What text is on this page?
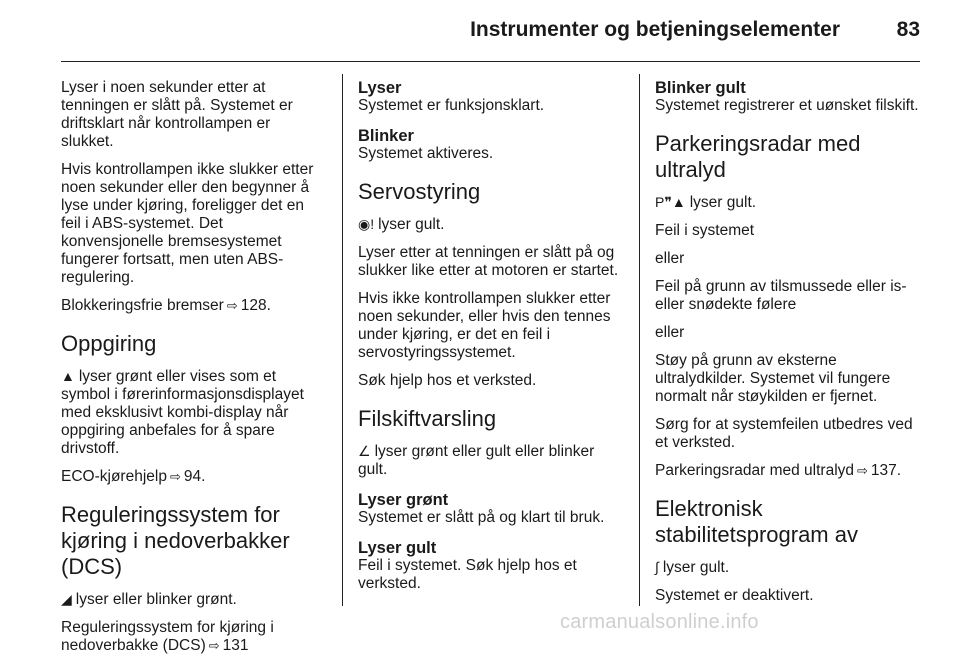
Instrumenter og betjeningselementer	83

Lyser i noen sekunder etter at tenningen er slått på. Systemet er driftsklart når kontrollampen er slukket.

Hvis kontrollampen ikke slukker etter noen sekunder eller den begynner å lyse under kjøring, foreligger det en feil i ABS-systemet. Det konvensjonelle bremsesystemet fungerer fortsatt, men uten ABS-regulering.

Blokkeringsfrie bremser ⇨ 128.

Oppgiring

▲ lyser grønt eller vises som et symbol i førerinformasjonsdisplayet med eksklusivt kombi-display når oppgiring anbefales for å spare drivstoff.

ECO-kjørehjelp ⇨ 94.

Reguleringssystem for kjøring i nedoverbakker (DCS)

◢ lyser eller blinker grønt.

Reguleringssystem for kjøring i nedoverbakke (DCS) ⇨ 131

Lyser

Systemet er funksjonsklart.

Blinker

Systemet aktiveres.

Servostyring

◉! lyser gult.

Lyser etter at tenningen er slått på og slukker like etter at motoren er startet.

Hvis ikke kontrollampen slukker etter noen sekunder, eller hvis den tennes under kjøring, er det en feil i servostyringssystemet.

Søk hjelp hos et verksted.

Filskiftvarsling

∠ lyser grønt eller gult eller blinker gult.

Lyser grønt

Systemet er slått på og klart til bruk.

Lyser gult

Feil i systemet. Søk hjelp hos et verksted.

Blinker gult

Systemet registrerer et uønsket filskift.

Parkeringsradar med ultralyd

P❞▲ lyser gult.

Feil i systemet

eller

Feil på grunn av tilsmussede eller is- eller snødekte følere

eller

Støy på grunn av eksterne ultralydkilder. Systemet vil fungere normalt når støykilden er fjernet.

Sørg for at systemfeilen utbedres ved et verksted.

Parkeringsradar med ultralyd ⇨ 137.

Elektronisk stabilitetsprogram av

∫ lyser gult.

Systemet er deaktivert.

carmanualsonline.info
